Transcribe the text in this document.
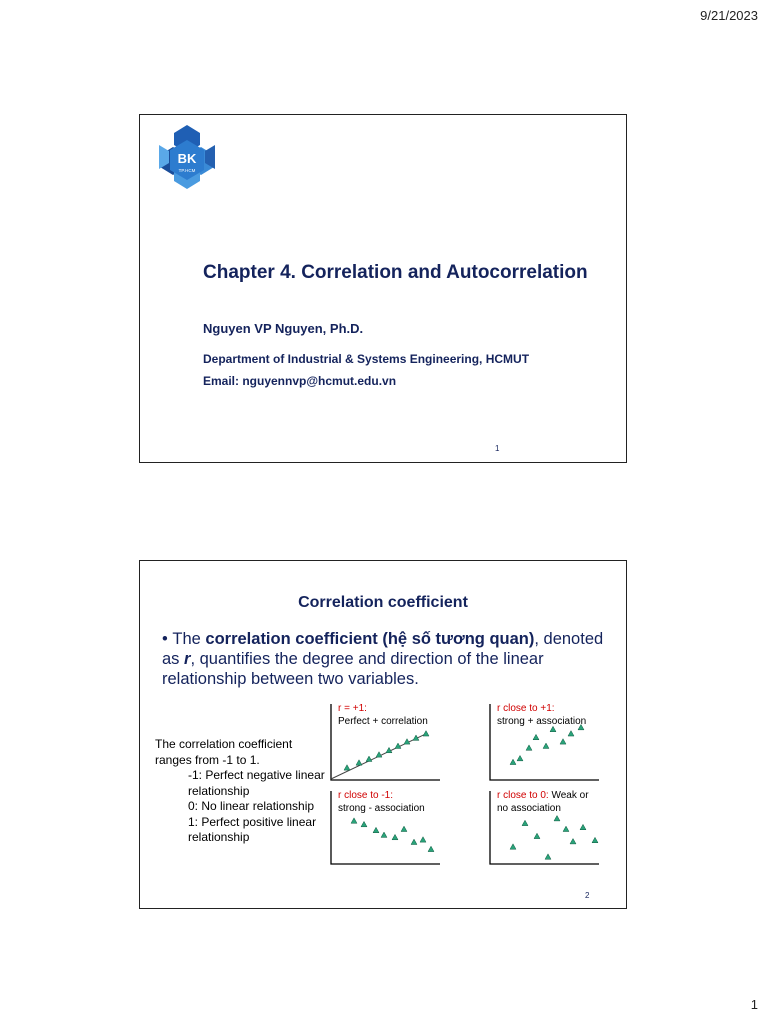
9/21/2023
BK
TP.HCM
Chapter 4. Correlation and Autocorrelation
Nguyen VP Nguyen, Ph.D.
Department of Industrial & Systems Engineering, HCMUT
Email: nguyennvp@hcmut.edu.vn
1
Correlation coefficient
• The correlation coefficient (hệ số tương quan), denoted as r, quantifies the degree and direction of the linear relationship between two variables.
The correlation coefficient ranges from -1 to 1.
-1: Perfect negative linear relationship
0: No linear relationship
1: Perfect positive linear relationship
r = +1:
Perfect + correlation
r close to +1:
strong + association
r close to -1:
strong - association
r close to 0: Weak or
no association
2
1
